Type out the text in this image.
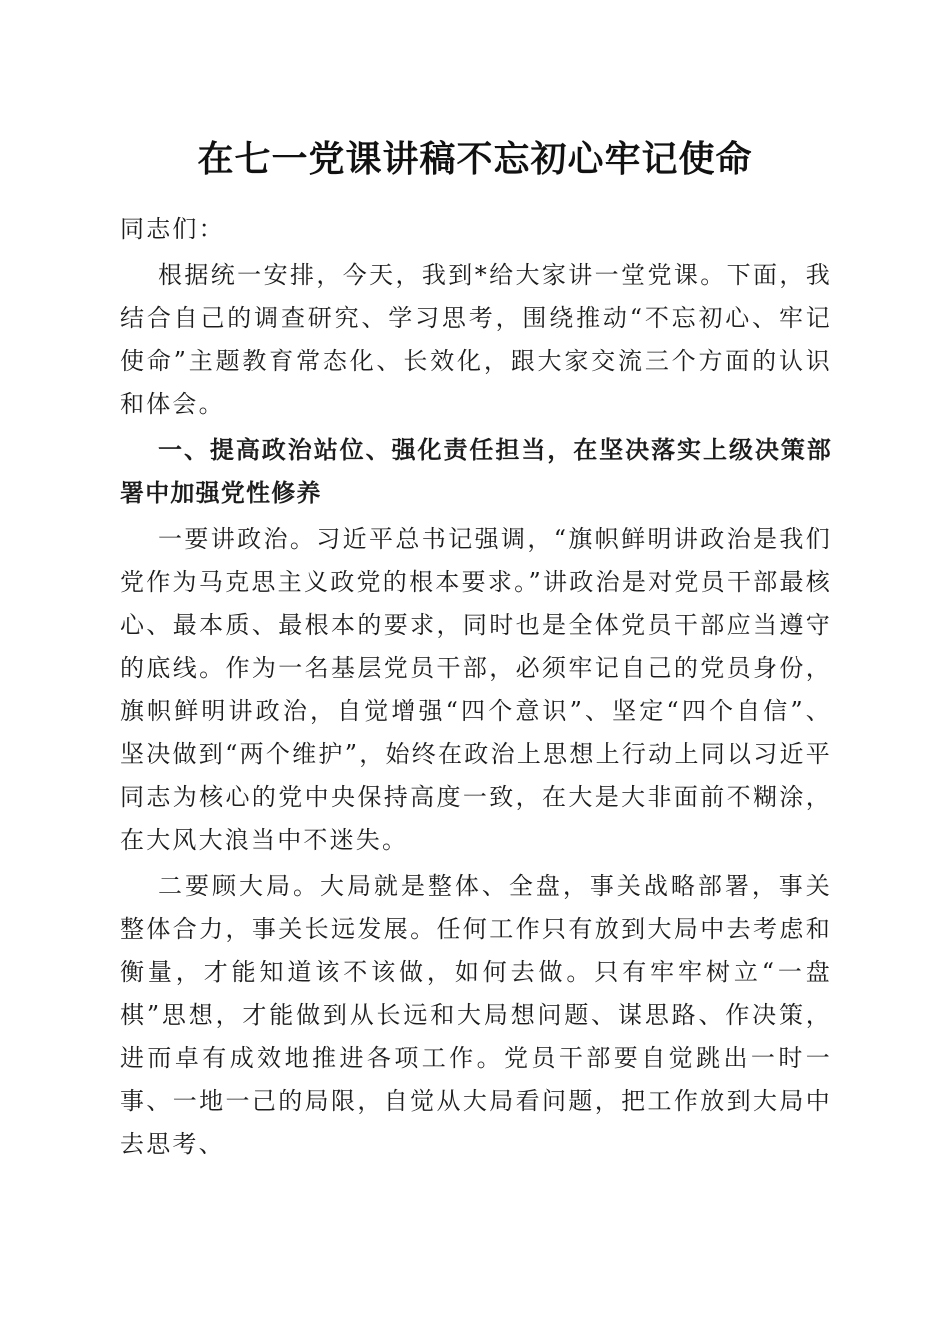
在七一党课讲稿不忘初心牢记使命

同志们：

根据统一安排，今天，我到*给大家讲一堂党课。下面，我结合自己的调查研究、学习思考，围绕推动“不忘初心、牢记使命”主题教育常态化、长效化，跟大家交流三个方面的认识和体会。

一、提高政治站位、强化责任担当，在坚决落实上级决策部署中加强党性修养

一要讲政治。习近平总书记强调，“旗帜鲜明讲政治是我们党作为马克思主义政党的根本要求。”讲政治是对党员干部最核心、最本质、最根本的要求，同时也是全体党员干部应当遵守的底线。作为一名基层党员干部，必须牢记自己的党员身份，旗帜鲜明讲政治，自觉增强“四个意识”、坚定“四个自信”、坚决做到“两个维护”，始终在政治上思想上行动上同以习近平同志为核心的党中央保持高度一致，在大是大非面前不糊涂，在大风大浪当中不迷失。

二要顾大局。大局就是整体、全盘，事关战略部署，事关整体合力，事关长远发展。任何工作只有放到大局中去考虑和衡量，才能知道该不该做，如何去做。只有牢牢树立“一盘棋”思想，才能做到从长远和大局想问题、谋思路、作决策，进而卓有成效地推进各项工作。党员干部要自觉跳出一时一事、一地一己的局限，自觉从大局看问题，把工作放到大局中去思考、
